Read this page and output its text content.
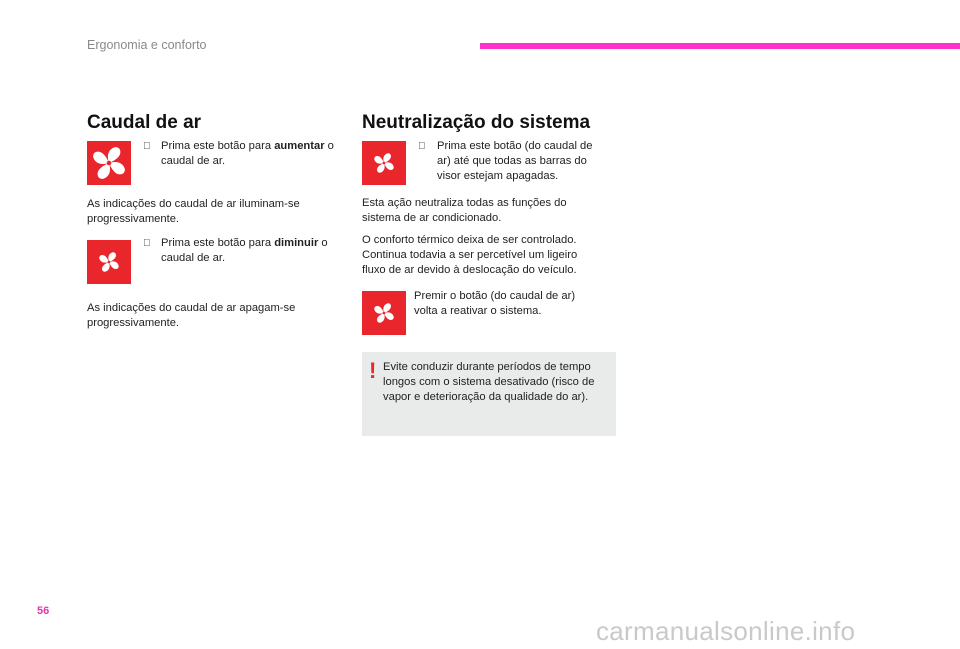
Ergonomia e conforto
Caudal de ar

Prima este botão para aumentar o caudal de ar.

As indicações do caudal de ar iluminam-se progressivamente.

Prima este botão para diminuir o caudal de ar.

As indicações do caudal de ar apagam-se progressivamente.

Neutralização do sistema

Prima este botão (do caudal de ar) até que todas as barras do visor estejam apagadas.

Esta ação neutraliza todas as funções do sistema de ar condicionado.

O conforto térmico deixa de ser controlado. Continua todavia a ser percetível um ligeiro fluxo de ar devido à deslocação do veículo.

Premir o botão (do caudal de ar) volta a reativar o sistema.

! Evite conduzir durante períodos de tempo longos com o sistema desativado (risco de vapor e deterioração da qualidade do ar).

56
carmanualsonline.info
